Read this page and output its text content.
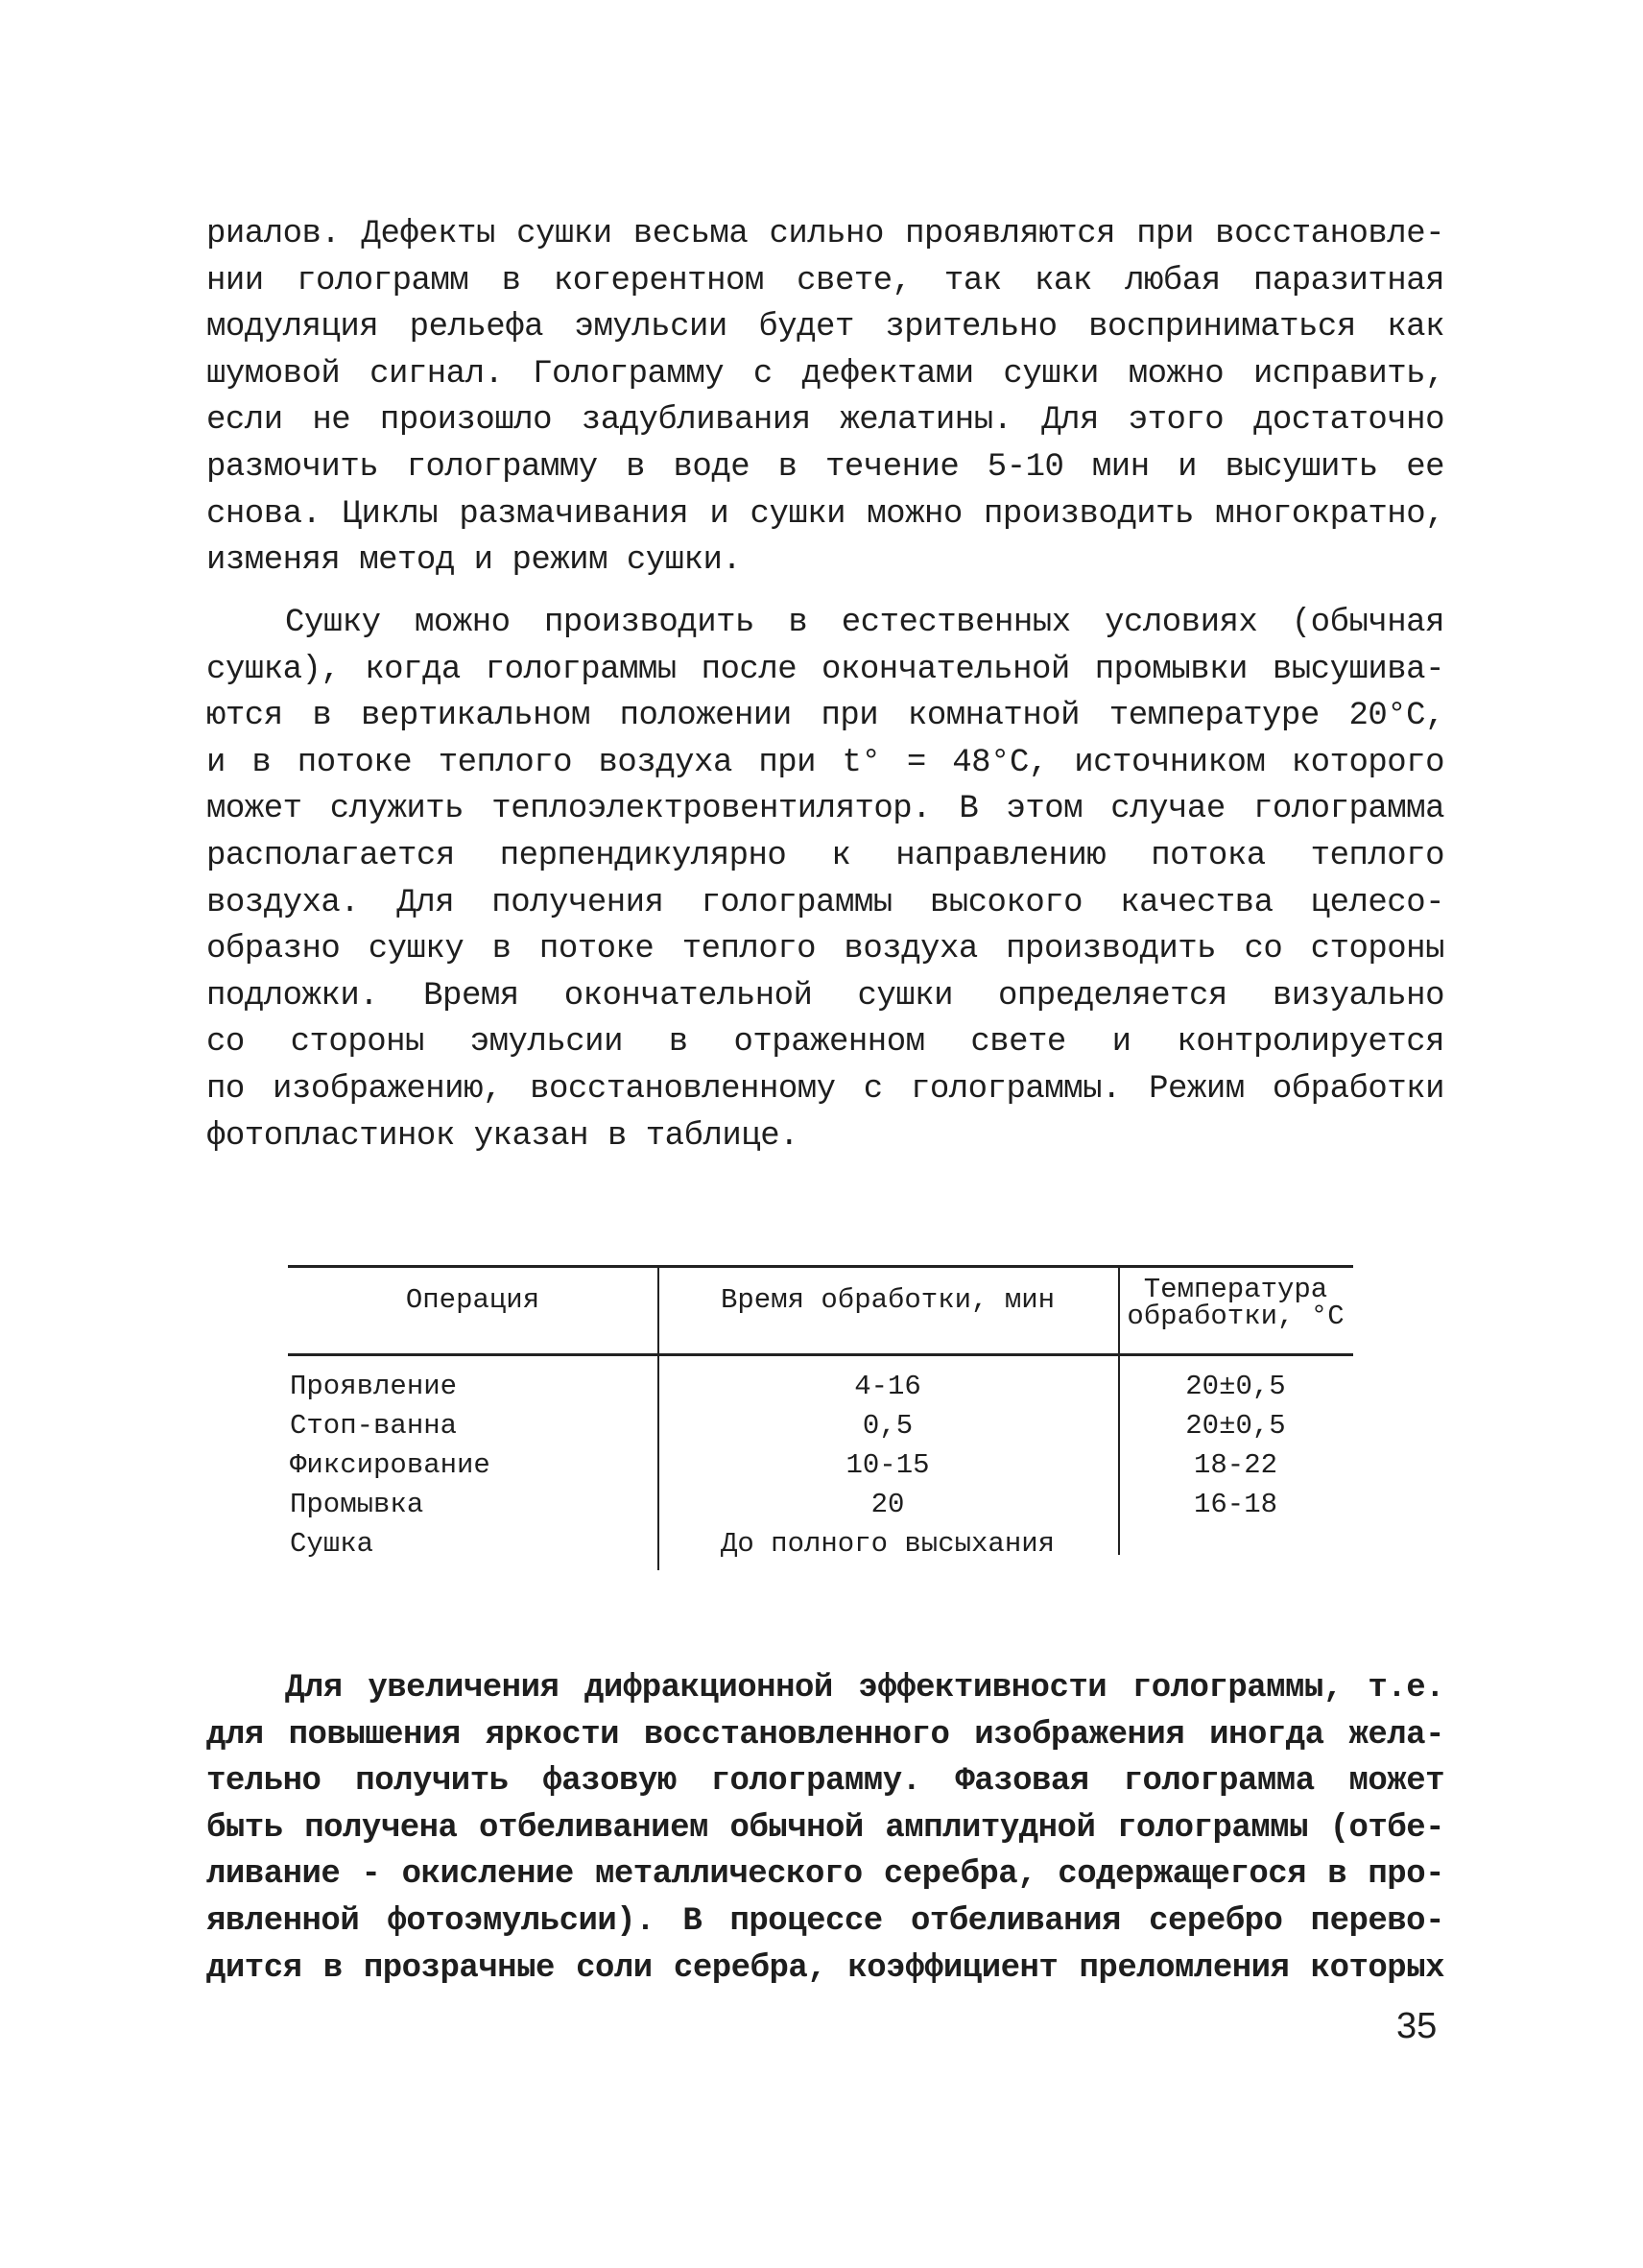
риалов. Дефекты сушки весьма сильно проявляются при восстановле-
нии голограмм в когерентном свете, так как любая паразитная
модуляция рельефа эмульсии будет зрительно восприниматься как
шумовой сигнал. Голограмму с дефектами сушки можно исправить,
если не произошло задубливания желатины. Для этого достаточно
размочить голограмму в воде в течение 5-10 мин и высушить ее
снова. Циклы размачивания и сушки можно производить многократно,
изменяя метод и режим сушки.
Сушку можно производить в естественных условиях (обычная
сушка), когда голограммы после окончательной промывки высушива-
ются в вертикальном положении при комнатной температуре 20°С,
и в потоке теплого воздуха при t° = 48°С, источником которого
может служить теплоэлектровентилятор. В этом случае голограмма
располагается перпендикулярно к направлению потока теплого
воздуха. Для получения голограммы высокого качества целесо-
образно сушку в потоке теплого воздуха производить со стороны
подложки. Время окончательной сушки определяется визуально
со стороны эмульсии в отраженном свете и контролируется
по изображению, восстановленному с голограммы. Режим обработки
фотопластинок указан в таблице.
Операция	Время обработки, мин	Температура
обработки, °С
Проявление	4-16	20±0,5
Стоп-ванна	0,5	20±0,5
Фиксирование	10-15	18-22
Промывка	20	16-18
Сушка	До полного высыхания
Для увеличения дифракционной эффективности голограммы, т.е.
для повышения яркости восстановленного изображения иногда жела-
тельно получить фазовую голограмму. Фазовая голограмма может
быть получена отбеливанием обычной амплитудной голограммы (отбе-
ливание - окисление металлического серебра, содержащегося в про-
явленной фотоэмульсии). В процессе отбеливания серебро перево-
дится в прозрачные соли серебра, коэффициент преломления которых
35
